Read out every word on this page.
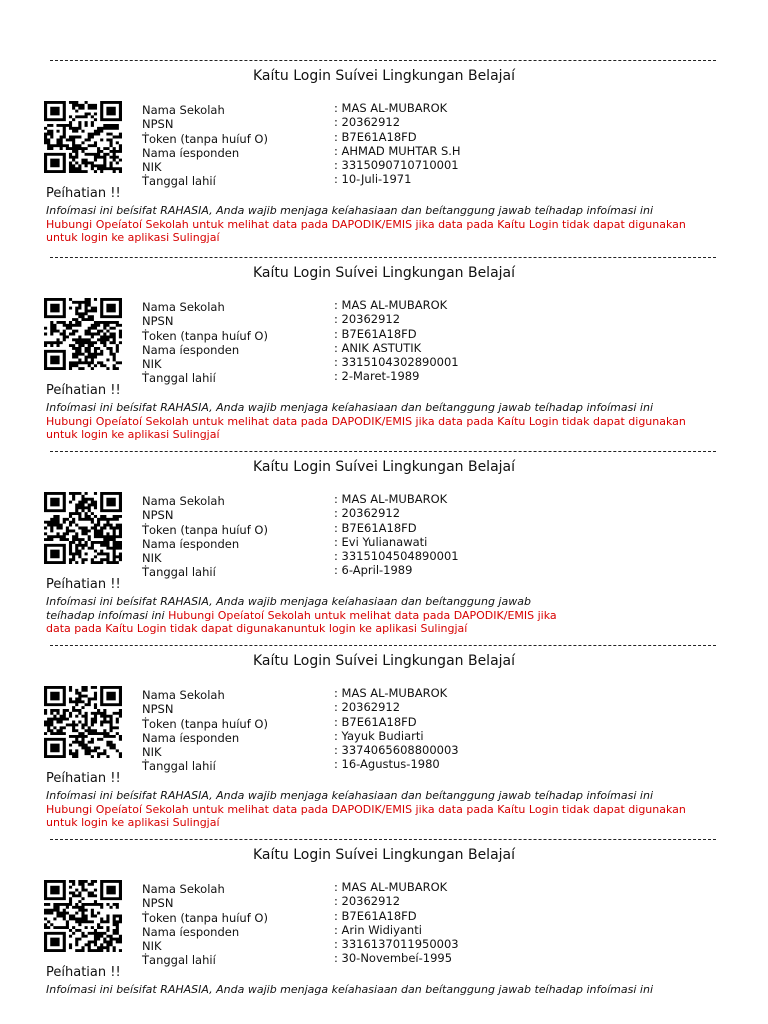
Kaítu Login Suívei Lingkungan Belajaí
Nama Sekolah
NPSN
Ṫoken (tanpa huíuf O)
Nama íesponden
NIK
Ṫanggal lahií
: MAS AL-MUBAROK
: 20362912
: B7E61A18FD
: AHMAD MUHTAR S.H
: 3315090710710001
: 10-Juli-1971
Peíhatian !!
Infoímasi ini beísifat RAHASIA, Anda wajib menjaga keíahasiaan dan beítanggung jawab teíhadap infoímasi ini
Hubungi Opeíatoí Sekolah untuk melihat data pada DAPODIK/EMIS jika data pada Kaítu Login tidak dapat digunakan
untuk login ke aplikasi Sulingjaí
Kaítu Login Suívei Lingkungan Belajaí
Nama Sekolah
NPSN
Ṫoken (tanpa huíuf O)
Nama íesponden
NIK
Ṫanggal lahií
: MAS AL-MUBAROK
: 20362912
: B7E61A18FD
: ANIK ASTUTIK
: 3315104302890001
: 2-Maret-1989
Peíhatian !!
Infoímasi ini beísifat RAHASIA, Anda wajib menjaga keíahasiaan dan beítanggung jawab teíhadap infoímasi ini
Hubungi Opeíatoí Sekolah untuk melihat data pada DAPODIK/EMIS jika data pada Kaítu Login tidak dapat digunakan
untuk login ke aplikasi Sulingjaí
Kaítu Login Suívei Lingkungan Belajaí
Nama Sekolah
NPSN
Ṫoken (tanpa huíuf O)
Nama íesponden
NIK
Ṫanggal lahií
: MAS AL-MUBAROK
: 20362912
: B7E61A18FD
: Evi Yulianawati
: 3315104504890001
: 6-April-1989
Peíhatian !!
Infoímasi ini beísifat RAHASIA, Anda wajib menjaga keíahasiaan dan beítanggung jawab
teíhadap infoímasi ini Hubungi Opeíatoí Sekolah untuk melihat data pada DAPODIK/EMIS jika
data pada Kaítu Login tidak dapat digunakanuntuk login ke aplikasi Sulingjaí
Kaítu Login Suívei Lingkungan Belajaí
Nama Sekolah
NPSN
Ṫoken (tanpa huíuf O)
Nama íesponden
NIK
Ṫanggal lahií
: MAS AL-MUBAROK
: 20362912
: B7E61A18FD
: Yayuk Budiarti
: 3374065608800003
: 16-Agustus-1980
Peíhatian !!
Infoímasi ini beísifat RAHASIA, Anda wajib menjaga keíahasiaan dan beítanggung jawab teíhadap infoímasi ini
Hubungi Opeíatoí Sekolah untuk melihat data pada DAPODIK/EMIS jika data pada Kaítu Login tidak dapat digunakan
untuk login ke aplikasi Sulingjaí
Kaítu Login Suívei Lingkungan Belajaí
Nama Sekolah
NPSN
Ṫoken (tanpa huíuf O)
Nama íesponden
NIK
Ṫanggal lahií
: MAS AL-MUBAROK
: 20362912
: B7E61A18FD
: Arin Widiyanti
: 3316137011950003
: 30-Novembeí-1995
Peíhatian !!
Infoímasi ini beísifat RAHASIA, Anda wajib menjaga keíahasiaan dan beítanggung jawab teíhadap infoímasi ini
